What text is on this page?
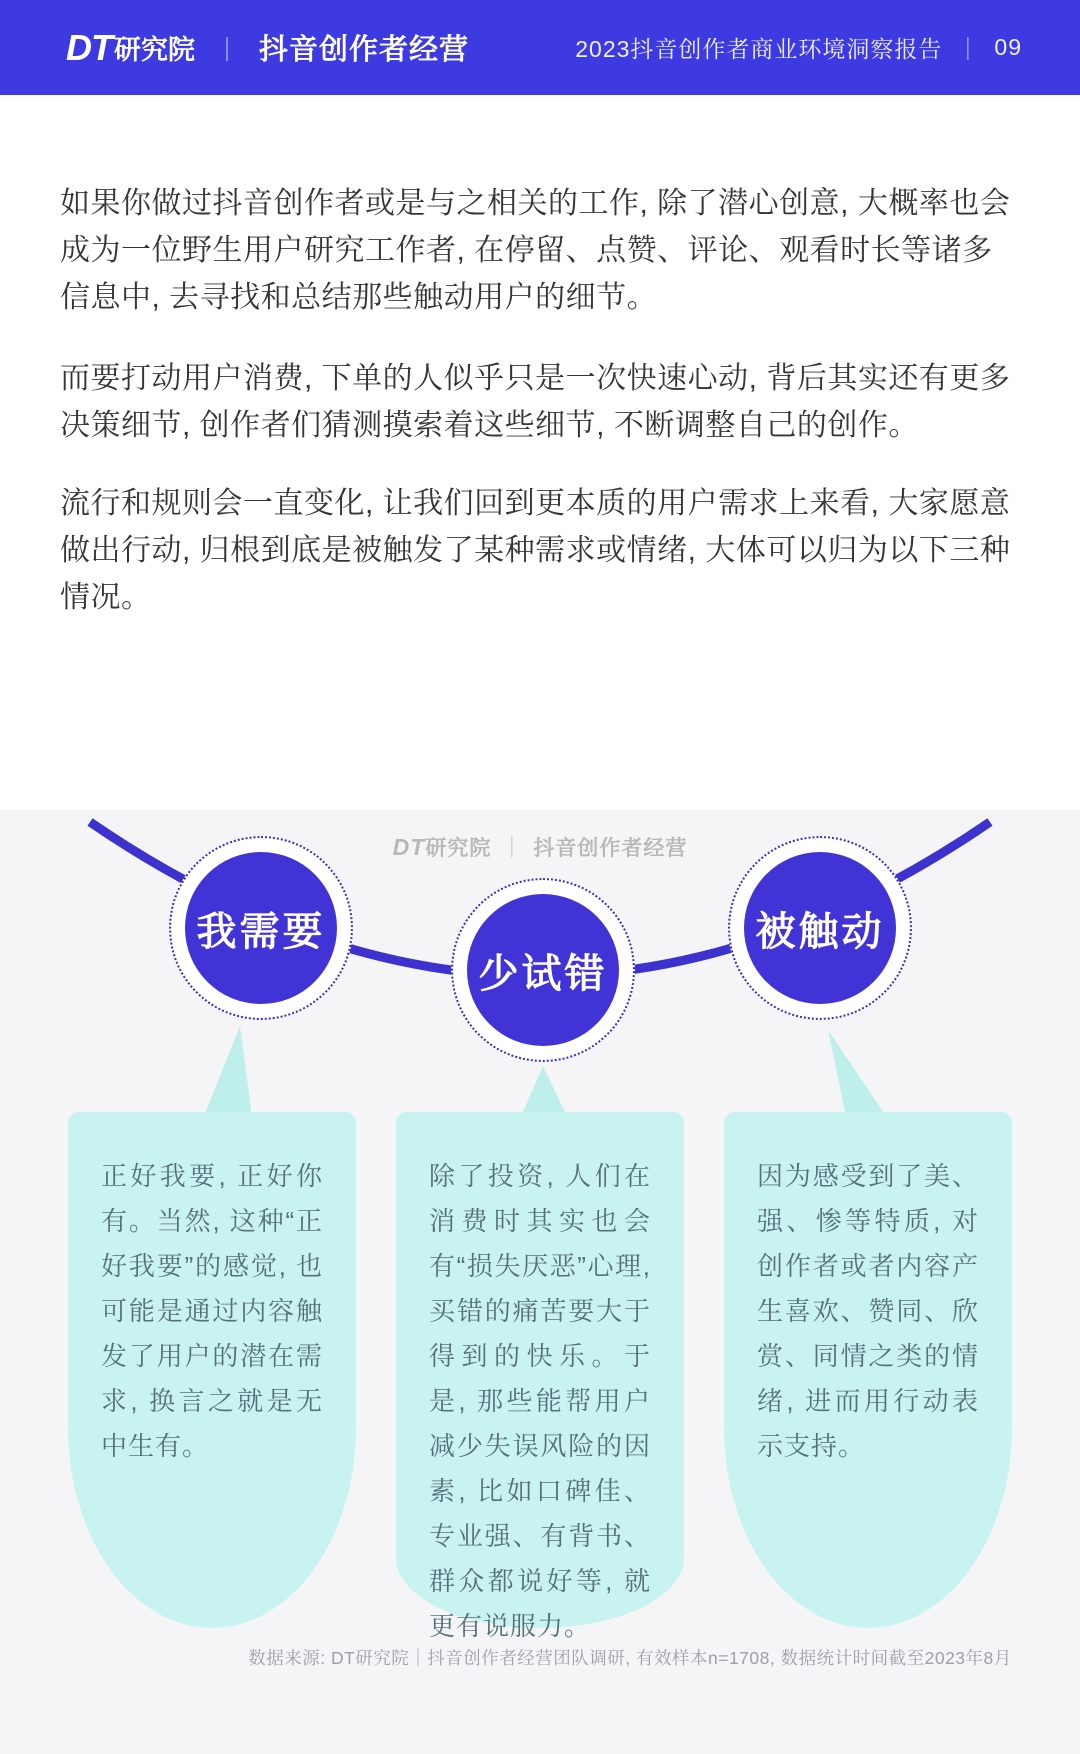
DT 研究院 ｜ 抖音创作者经营	2023抖音创作者商业环境洞察报告 ｜ 09

如果你做过抖音创作者或是与之相关的工作, 除了潜心创意, 大概率也会成为一位野生用户研究工作者, 在停留、点赞、评论、观看时长等诸多信息中, 去寻找和总结那些触动用户的细节。

而要打动用户消费, 下单的人似乎只是一次快速心动, 背后其实还有更多决策细节, 创作者们猜测摸索着这些细节, 不断调整自己的创作。

流行和规则会一直变化, 让我们回到更本质的用户需求上来看, 大家愿意做出行动, 归根到底是被触发了某种需求或情绪, 大体可以归为以下三种情况。

DT研究院 ｜ 抖音创作者经营

正好我要, 正好你有。当然, 这种“正好我要”的感觉, 也可能是通过内容触发了用户的潜在需求, 换言之就是无中生有。

除了投资, 人们在消费时其实也会有“损失厌恶”心理, 买错的痛苦要大于得到的快乐。于是, 那些能帮用户减少失误风险的因素, 比如口碑佳、专业强、有背书、群众都说好等, 就更有说服力。

因为感受到了美、强、惨等特质, 对创作者或者内容产生喜欢、赞同、欣赏、同情之类的情绪, 进而用行动表示支持。

我需要
少试错
被触动
数据来源: DT研究院｜抖音创作者经营团队调研, 有效样本n=1708, 数据统计时间截至2023年8月
